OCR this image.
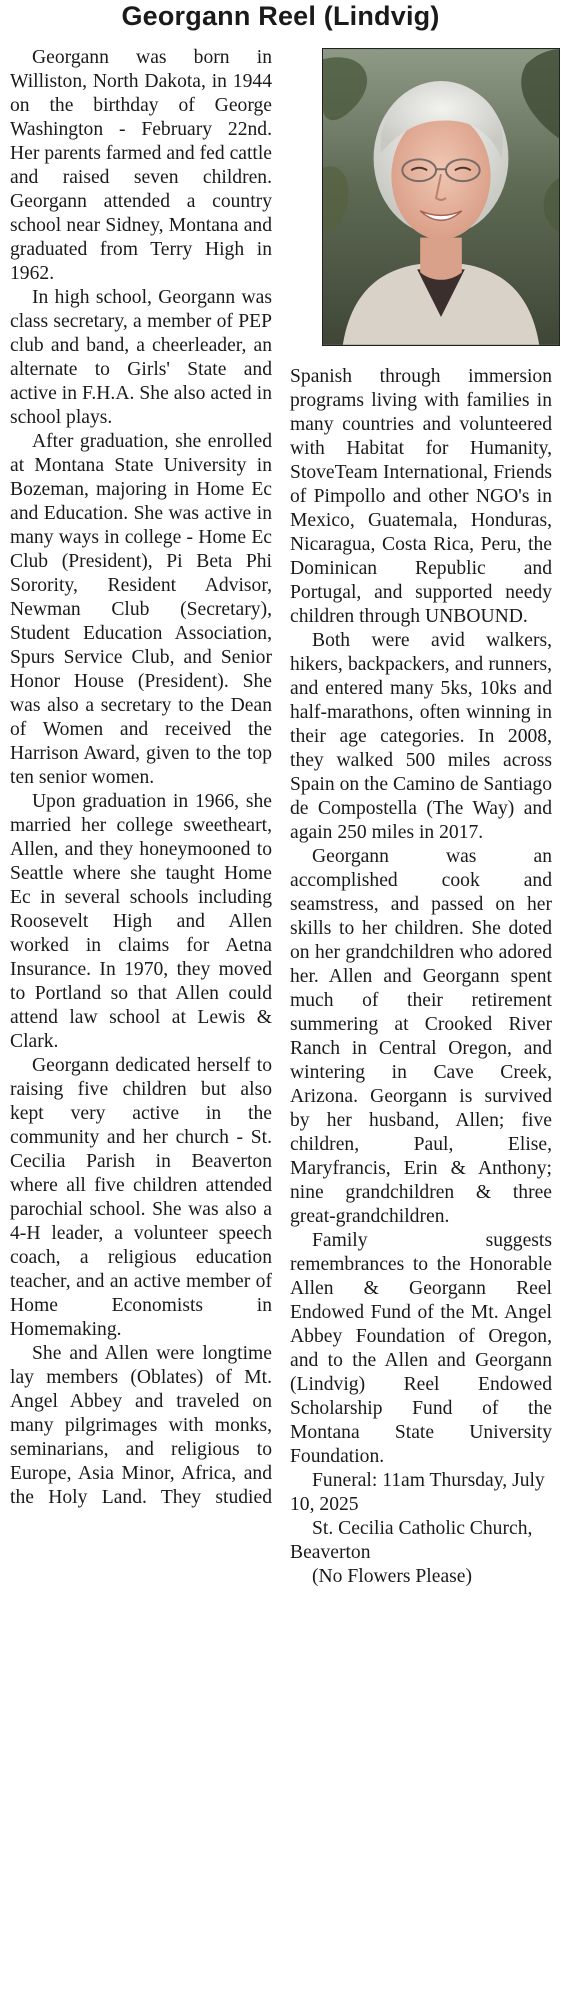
Georgann Reel (Lindvig)

Georgann was born in Williston, North Dakota, in 1944 on the birthday of George Washington - February 22nd. Her parents farmed and fed cattle and raised seven children. Georgann attended a country school near Sidney, Montana and graduated from Terry High in 1962.

In high school, Georgann was class secretary, a member of PEP club and band, a cheerleader, an alternate to Girls' State and active in F.H.A. She also acted in school plays.

After graduation, she enrolled at Montana State University in Bozeman, majoring in Home Ec and Education. She was active in many ways in college - Home Ec Club (President), Pi Beta Phi Sorority, Resident Advisor, Newman Club (Secretary), Student Education Association, Spurs Service Club, and Senior Honor House (President). She was also a secretary to the Dean of Women and received the Harrison Award, given to the top ten senior women.

Upon graduation in 1966, she married her college sweetheart, Allen, and they honeymooned to Seattle where she taught Home Ec in several schools including Roosevelt High and Allen worked in claims for Aetna Insurance. In 1970, they moved to Portland so that Allen could attend law school at Lewis & Clark.

Georgann dedicated herself to raising five children but also kept very active in the community and her church - St. Cecilia Parish in Beaverton where all five children attended parochial school. She was also a 4-H leader, a volunteer speech coach, a religious education teacher, and an active member of Home Economists in Homemaking.

She and Allen were longtime lay members (Oblates) of Mt. Angel Abbey and traveled on many pilgrimages with monks, seminarians, and religious to Europe, Asia Minor, Africa, and the Holy Land. They studied

Spanish through immersion programs living with families in many countries and volunteered with Habitat for Humanity, StoveTeam International, Friends of Pimpollo and other NGO's in Mexico, Guatemala, Honduras, Nicaragua, Costa Rica, Peru, the Dominican Republic and Portugal, and supported needy children through UNBOUND.

Both were avid walkers, hikers, backpackers, and runners, and entered many 5ks, 10ks and half-marathons, often winning in their age categories. In 2008, they walked 500 miles across Spain on the Camino de Santiago de Compostella (The Way) and again 250 miles in 2017.

Georgann was an accomplished cook and seamstress, and passed on her skills to her children. She doted on her grandchildren who adored her. Allen and Georgann spent much of their retirement summering at Crooked River Ranch in Central Oregon, and wintering in Cave Creek, Arizona. Georgann is survived by her husband, Allen; five children, Paul, Elise, Maryfrancis, Erin & Anthony; nine grandchildren & three great-grandchildren.

Family suggests remembrances to the Honorable Allen & Georgann Reel Endowed Fund of the Mt. Angel Abbey Foundation of Oregon, and to the Allen and Georgann (Lindvig) Reel Endowed Scholarship Fund of the Montana State University Foundation.

Funeral: 11am Thursday, July 10, 2025

St. Cecilia Catholic Church, Beaverton

(No Flowers Please)
